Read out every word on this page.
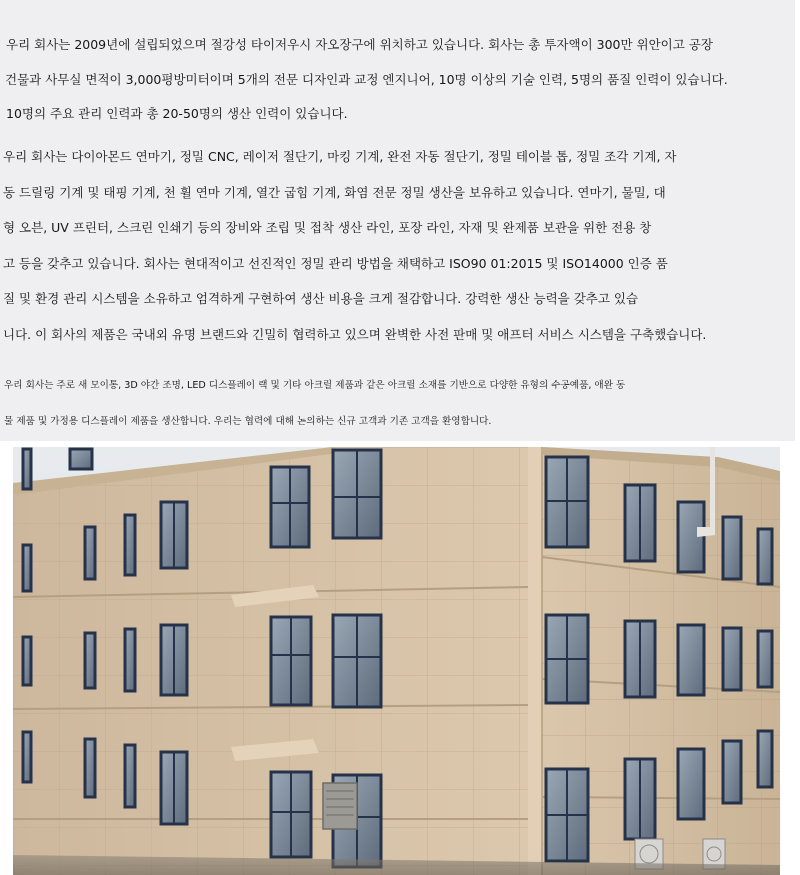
우리 회사는 2009년에 설립되었으며 절강성 타이저우시 자오장구에 위치하고 있습니다. 회사는 총 투자액이 300만 위안이고 공장
건물과 사무실 면적이 3,000평방미터이며 5개의 전문 디자인과 교정 엔지니어, 10명 이상의 기술 인력, 5명의 품질 인력이 있습니다.
10명의 주요 관리 인력과 총 20-50명의 생산 인력이 있습니다.
우리 회사는 다이아몬드 연마기, 정밀 CNC, 레이저 절단기, 마킹 기계, 완전 자동 절단기, 정밀 테이블 톱, 정밀 조각 기계, 자
동 드릴링 기계 및 태핑 기계, 천 휠 연마 기계, 열간 굽힘 기계, 화염 전문 정밀 생산을 보유하고 있습니다. 연마기, 물밀, 대
형 오븐, UV 프린터, 스크린 인쇄기 등의 장비와 조립 및 접착 생산 라인, 포장 라인, 자재 및 완제품 보관을 위한 전용 창
고 등을 갖추고 있습니다. 회사는 현대적이고 선진적인 정밀 관리 방법을 채택하고 ISO90 01:2015 및 ISO14000 인증 품
질 및 환경 관리 시스템을 소유하고 엄격하게 구현하여 생산 비용을 크게 절감합니다. 강력한 생산 능력을 갖추고 있습
니다. 이 회사의 제품은 국내외 유명 브랜드와 긴밀히 협력하고 있으며 완벽한 사전 판매 및 애프터 서비스 시스템을 구축했습니다.
우리 회사는 주로 새 모이통, 3D 야간 조명, LED 디스플레이 랙 및 기타 아크릴 제품과 같은 아크릴 소재를 기반으로 다양한 유형의 수공예품, 애완 동
물 제품 및 가정용 디스플레이 제품을 생산합니다. 우리는 협력에 대해 논의하는 신규 고객과 기존 고객을 환영합니다.
